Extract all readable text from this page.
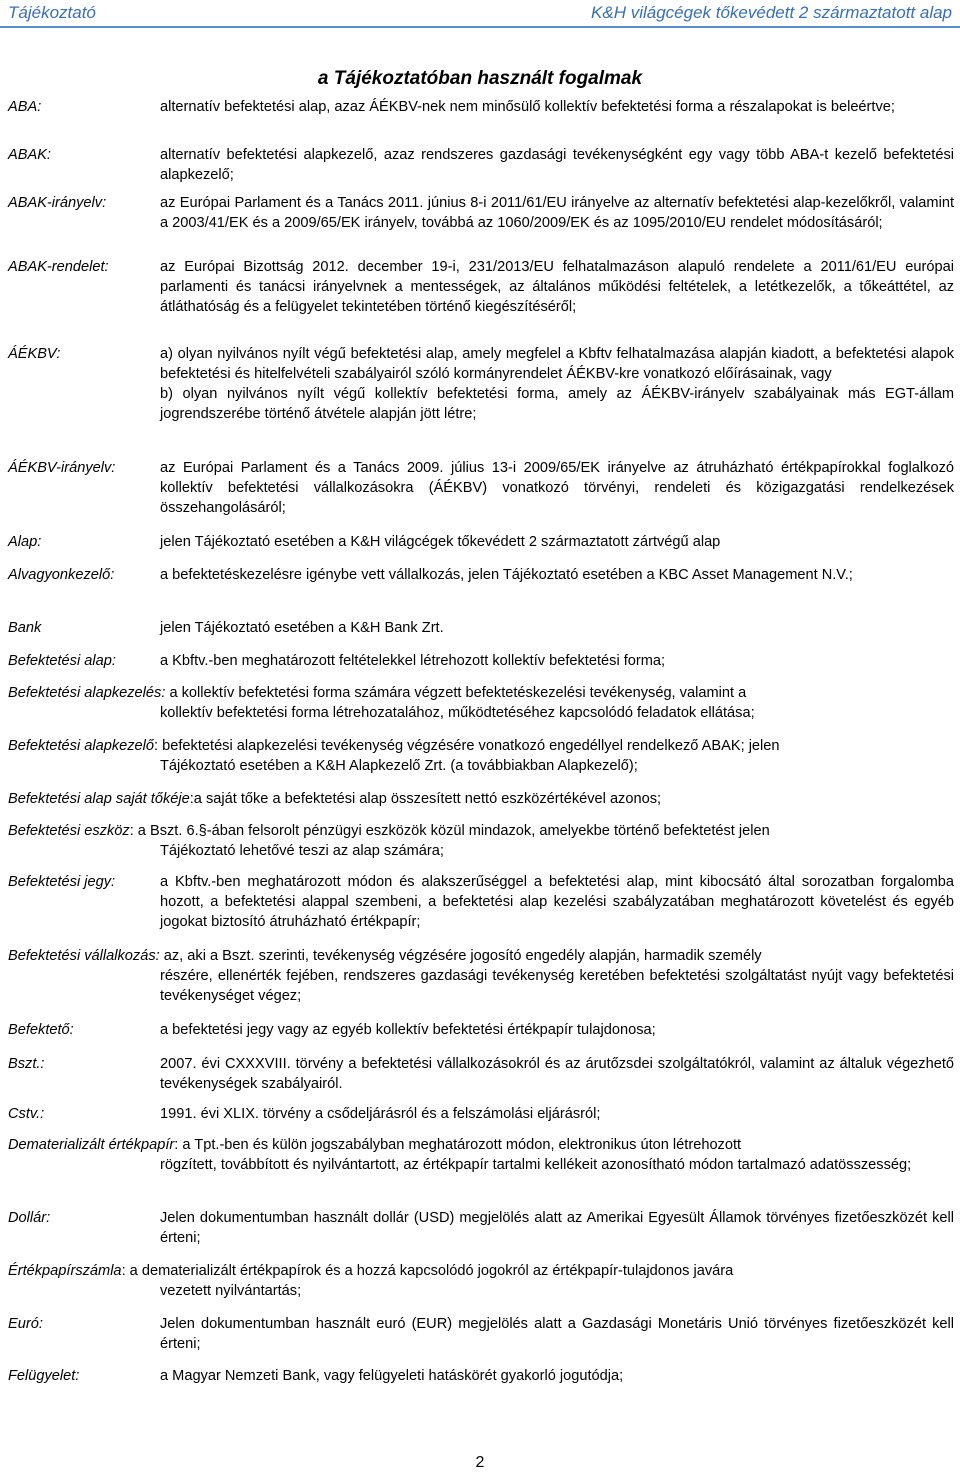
Tájékoztató	K&H világcégek tőkevédett 2 származtatott alap
a Tájékoztatóban használt fogalmak
ABA:	alternatív befektetési alap, azaz ÁÉKBV-nek nem minősülő kollektív befektetési forma a részalapokat is beleértve;
ABAK:	alternatív befektetési alapkezelő, azaz rendszeres gazdasági tevékenységként egy vagy több ABA-t kezelő befektetési alapkezelő;
ABAK-irányelv:	az Európai Parlament és a Tanács 2011. június 8-i 2011/61/EU irányelve az alternatív befektetési alap-kezelőkről, valamint a 2003/41/EK és a 2009/65/EK irányelv, továbbá az 1060/2009/EK és az 1095/2010/EU rendelet módosításáról;
ABAK-rendelet:	az Európai Bizottság 2012. december 19-i, 231/2013/EU felhatalmazáson alapuló rendelete a 2011/61/EU európai parlamenti és tanácsi irányelvnek a mentességek, az általános működési feltételek, a letétkezelők, a tőkeáttétel, az átláthatóság és a felügyelet tekintetében történő kiegészítéséről;
ÁÉKBV:	a) olyan nyilvános nyílt végű befektetési alap, amely megfelel a Kbftv felhatalmazása alapján kiadott, a befektetési alapok befektetési és hitelfelvételi szabályairól szóló kormányrendelet ÁÉKBV-kre vonatkozó előírásainak, vagy
b) olyan nyilvános nyílt végű kollektív befektetési forma, amely az ÁÉKBV-irányelv szabályainak más EGT-állam jogrendszerébe történő átvétele alapján jött létre;
ÁÉKBV-irányelv:	az Európai Parlament és a Tanács 2009. július 13-i 2009/65/EK irányelve az átruházható értékpapírokkal foglalkozó kollektív befektetési vállalkozásokra (ÁÉKBV) vonatkozó törvényi, rendeleti és közigazgatási rendelkezések összehangolásáról;
Alap:	jelen Tájékoztató esetében a K&H világcégek tőkevédett 2 származtatott zártvégű alap
Alvagyonkezelő:	a befektetéskezelésre igénybe vett vállalkozás, jelen Tájékoztató esetében a KBC Asset Management N.V.;
Bank	jelen Tájékoztató esetében a K&H Bank Zrt.
Befektetési alap:	a Kbftv.-ben meghatározott feltételekkel létrehozott kollektív befektetési forma;
Befektetési alapkezelés: a kollektív befektetési forma számára végzett befektetéskezelési tevékenység, valamint a
kollektív befektetési forma létrehozatalához, működtetéséhez kapcsolódó feladatok ellátása;
Befektetési alapkezelő: befektetési alapkezelési tevékenység végzésére vonatkozó engedéllyel rendelkező ABAK; jelen
Tájékoztató esetében a K&H Alapkezelő Zrt. (a továbbiakban Alapkezelő);
Befektetési alap saját tőkéje:a saját tőke a befektetési alap összesített nettó eszközértékével azonos;
Befektetési eszköz: a Bszt. 6.§-ában felsorolt pénzügyi eszközök közül mindazok, amelyekbe történő befektetést jelen
Tájékoztató lehetővé teszi az alap számára;
Befektetési jegy:	a Kbftv.-ben meghatározott módon és alakszerűséggel a befektetési alap, mint kibocsátó által sorozatban forgalomba hozott, a befektetési alappal szembeni, a befektetési alap kezelési szabályzatában meghatározott követelést és egyéb jogokat biztosító átruházható értékpapír;
Befektetési vállalkozás: az, aki a Bszt. szerinti, tevékenység végzésére jogosító engedély alapján, harmadik személy
részére, ellenérték fejében, rendszeres gazdasági tevékenység keretében befektetési szolgáltatást nyújt vagy befektetési tevékenységet végez;
Befektető:	a befektetési jegy vagy az egyéb kollektív befektetési értékpapír tulajdonosa;
Bszt.:	2007. évi CXXXVIII. törvény a befektetési vállalkozásokról és az árutőzsdei szolgáltatókról, valamint az általuk végezhető tevékenységek szabályairól.
Cstv.:	1991. évi XLIX. törvény a csődeljárásról és a felszámolási eljárásról;
Dematerializált értékpapír: a Tpt.-ben és külön jogszabályban meghatározott módon, elektronikus úton létrehozott
rögzített, továbbított és nyilvántartott, az értékpapír tartalmi kellékeit azonosítható módon tartalmazó adatösszesség;
Dollár:	Jelen dokumentumban használt dollár (USD) megjelölés alatt az Amerikai Egyesült Államok törvényes fizetőeszközét kell érteni;
Értékpapírszámla: a dematerializált értékpapírok és a hozzá kapcsolódó jogokról az értékpapír-tulajdonos javára
vezetett nyilvántartás;
Euró:	Jelen dokumentumban használt euró (EUR) megjelölés alatt a Gazdasági Monetáris Unió törvényes fizetőeszközét kell érteni;
Felügyelet:	a Magyar Nemzeti Bank, vagy felügyeleti hatáskörét gyakorló jogutódja;
2
